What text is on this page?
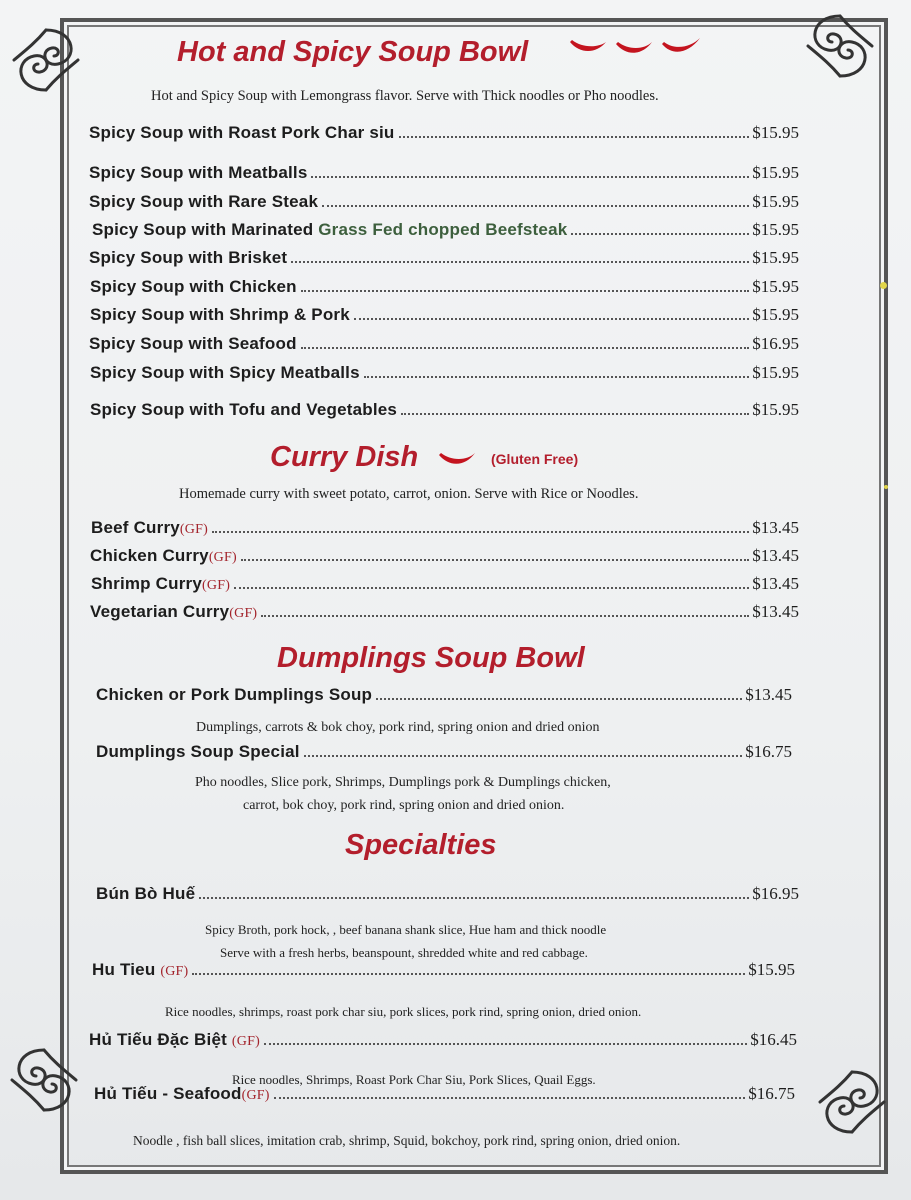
Hot and Spicy Soup Bowl
Hot and Spicy Soup with Lemongrass flavor. Serve with Thick noodles or Pho noodles.
Spicy Soup with Roast Pork Char siu	$15.95
Spicy Soup with Meatballs	$15.95
Spicy Soup with Rare Steak	$15.95
Spicy Soup with Marinated Grass Fed chopped Beefsteak	$15.95
Spicy Soup with Brisket	$15.95
Spicy Soup with Chicken	$15.95
Spicy Soup with Shrimp & Pork	$15.95
Spicy Soup with Seafood	$16.95
Spicy Soup with Spicy Meatballs	$15.95
Spicy Soup with Tofu and Vegetables	$15.95
Curry Dish	(Gluten Free)
Homemade curry with sweet potato, carrot, onion. Serve with Rice or Noodles.
Beef Curry(GF)	$13.45
Chicken Curry(GF)	$13.45
Shrimp Curry(GF)	$13.45
Vegetarian Curry(GF)	$13.45
Dumplings Soup Bowl
Chicken or Pork Dumplings Soup	$13.45
Dumplings, carrots & bok choy, pork rind, spring onion and dried onion
Dumplings Soup Special	$16.75
Pho noodles, Slice pork, Shrimps, Dumplings pork & Dumplings chicken,
carrot, bok choy, pork rind, spring onion and dried onion.
Specialties
Bún Bò Huế	$16.95
Spicy Broth, pork hock, , beef banana shank slice, Hue ham and thick noodle
Serve with a fresh herbs, beanspount, shredded white and red cabbage.
Hu Tieu (GF)	$15.95
Rice noodles, shrimps, roast pork char siu, pork slices, pork rind, spring onion, dried onion.
Hủ Tiếu Đặc Biệt (GF)	$16.45
Rice noodles, Shrimps, Roast Pork Char Siu, Pork Slices, Quail Eggs.
Hủ Tiếu - Seafood(GF)	$16.75
Noodle , fish ball slices, imitation crab, shrimp, Squid, bokchoy, pork rind, spring onion, dried onion.
